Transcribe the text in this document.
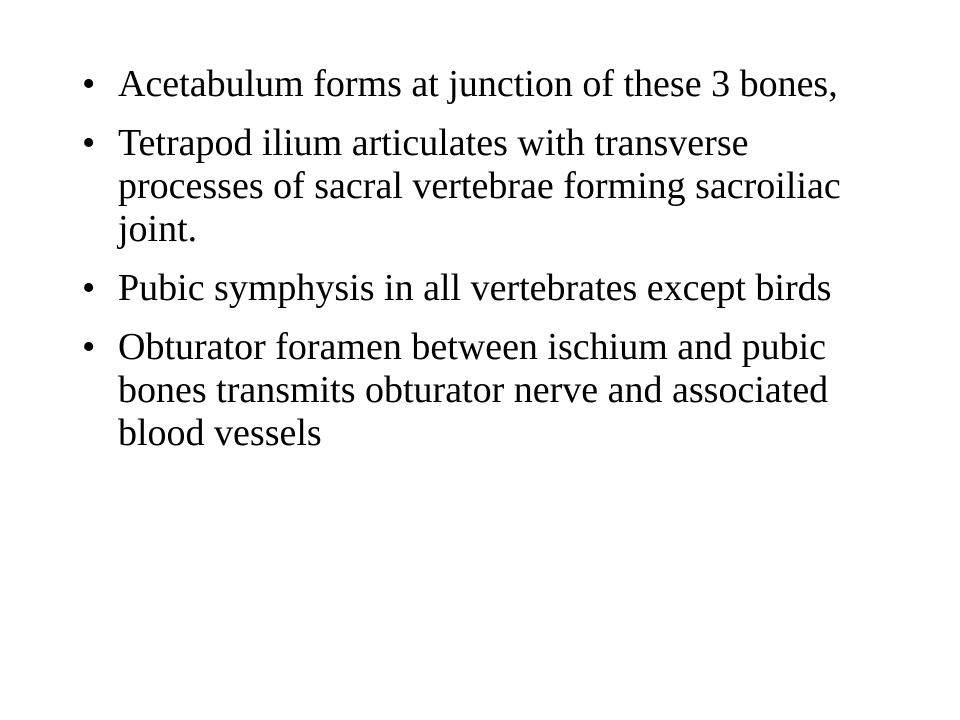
• Acetabulum forms at junction of these 3 bones,
• Tetrapod ilium articulates with transverse processes of sacral vertebrae forming sacroiliac joint.
• Pubic symphysis in all vertebrates except birds
• Obturator foramen between ischium and pubic bones transmits obturator nerve and associated blood vessels
